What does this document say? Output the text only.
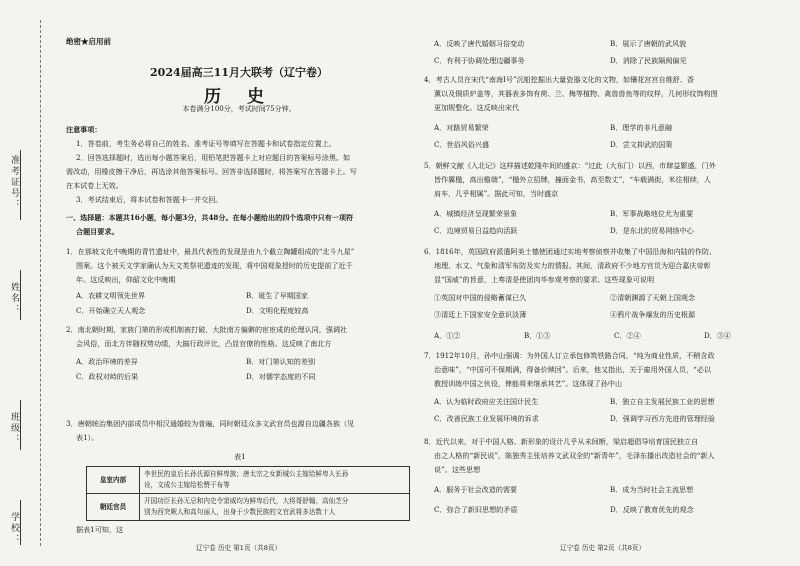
准考证号：
姓名：
班级：
学校：
绝密★启用前
2024届高三11月大联考（辽宁卷）
历 史
本卷满分100分，考试时间75分钟。
注意事项：
1．答卷前，考生务必将自己的姓名、准考证号等填写在答题卡和试卷指定位置上。
2．回答选择题时，选出每小题答案后，用铅笔把答题卡上对应题目的答案标号涂黑。如
需改动，用橡皮擦干净后，再选涂其他答案标号。回答非选择题时，将答案写在答题卡上。写
在本试卷上无效。
3．考试结束后，将本试卷和答题卡一并交回。
一、选择题：本题共16小题，每小题3分，共48分。在每小题给出的四个选项中只有一项符
合题目要求。
1．在那坡文化中晚期的青竹遗址中，最具代表性的发现是由九个截立陶罐组成的“北斗九星”
图案。这个被天文学家确认为天文类祭祀遗迹的发现，将中国观象授时的历史提前了近千
年。这反映出，仰韶文化中晚期
A．农耕文明领先世界	B．诞生了早期国家
C．开始确立天人观念	D．文明化程度较高
2．南北朝时期，家族门第的形成机制被打破，大批南方偏僻的宦宦成的伦理认同，强调社
会风俗，而北方伴随权势功绩，大搞行政评比，凸显官僚的性格。这反映了南北方
A．政治环境的差异	B．对门第认知的差别
C．政权对峙的后果	D．对儒学态度的不同
3．唐朝统治集团内部成员中相汉通婚较为普遍，同时朝廷众多文武官员也源自边疆各族（见
表1）。
表1
皇室内部	李世民的皇后长孙氏源自鲜卑族；唐太宗之女新城公主嫁给鲜卑人长孙
诠，文成公主嫁给松赞干布等

朝廷官员	开国功臣长孙无忌和内史令窦威均为鲜卑后代，大将哥舒翰、高仙芝分
别为西突厥人和高句丽人，出身于少数民族的文官武将多达数十人
据表1可知，这
A．反映了唐代婚姻习俗变动	B．展示了唐朝的武风貌
C．有利于协调处理边疆事务	D．消除了民族隔阂偏见
4．考古人员在宋代“南海Ⅰ号”沉船挖掘出大量瓷器文化的文物，如镶花宫宫自维舒、香
薰以及铜质炉盖等，其器表多饰有荷、兰、梅等植物、禽兽兽鱼等的纹样，几何形纹饰构图
更加规整化。这反映出宋代
A．对路贸易繁荣	B．理学的非凡意融
C．世俗风俗兴盛	D．尝文抑武的国策
5．朝鲜文献《入北记》这样描述乾隆年间的盛京：“过此（大东门）以西，市肆益繁盛，门外
皆作翼楹，高出檐端”，“楹外立招牌，撞面金书，高至数丈”，“车载满街，米往相续，人
肩车，几乎相属”。据此可知，当时盛京
A．城镇经济呈现繁荣景象	B．军事战略地位尤为重要
C．边境贸易日益趋向活跃	D．是东北的贸易网络中心
6．1816年，英国政府派遣阿美士德使团通过实地考察侦察并收集了中国沿海和内陆的作防、
地理、水文、气象和清军布防及实力的情报。其间，清政府不少地方官员为迎合嘉庆帝彰
显“国威”的旨意，上奏清是使团肉毕参观考察的要求。这些现象可说明
①英国对中国的侵略蓄谋已久	②清朝渊源了天朝上国观念
③清廷上下国家安全意识淡薄	④鸦片战争爆发的历史根源
A．①②	B．①③	C．②④	D．③④
7．1912年10月，孙中山强调：为外国人订立承包修筑铁路合同，“纯为商业性质，不稍含政
治意味”，“中国可不保期满，得备价赎回”。后来，他又指出，关于雇用外国人员，“必以
教授训练中国之伙役，俾能将来继承其艺”。这体现了孙中山
A．认为临时政府应关注国计民生	B．独立自主发展民族工业的思想
C．改善民族工业发展环境的诉求	D．强调学习西方先进的管理经验
8．近代以来，对于中国人格、新形象的设计几乎从未间断，梁启超倡导培育国民独立自
由之人格的“新民说”，陈独秀主张培养文武双全的“新青年”，毛泽东播出改造社会的“新人
说”。这些思想
A．服务于社会改造的需要	B．成为当时社会主流思想
C．弥合了新旧思想的矛盾	D．反映了教育优先的观念
辽宁卷 历史 第1页（共8页）	辽宁卷 历史 第2页（共8页）
